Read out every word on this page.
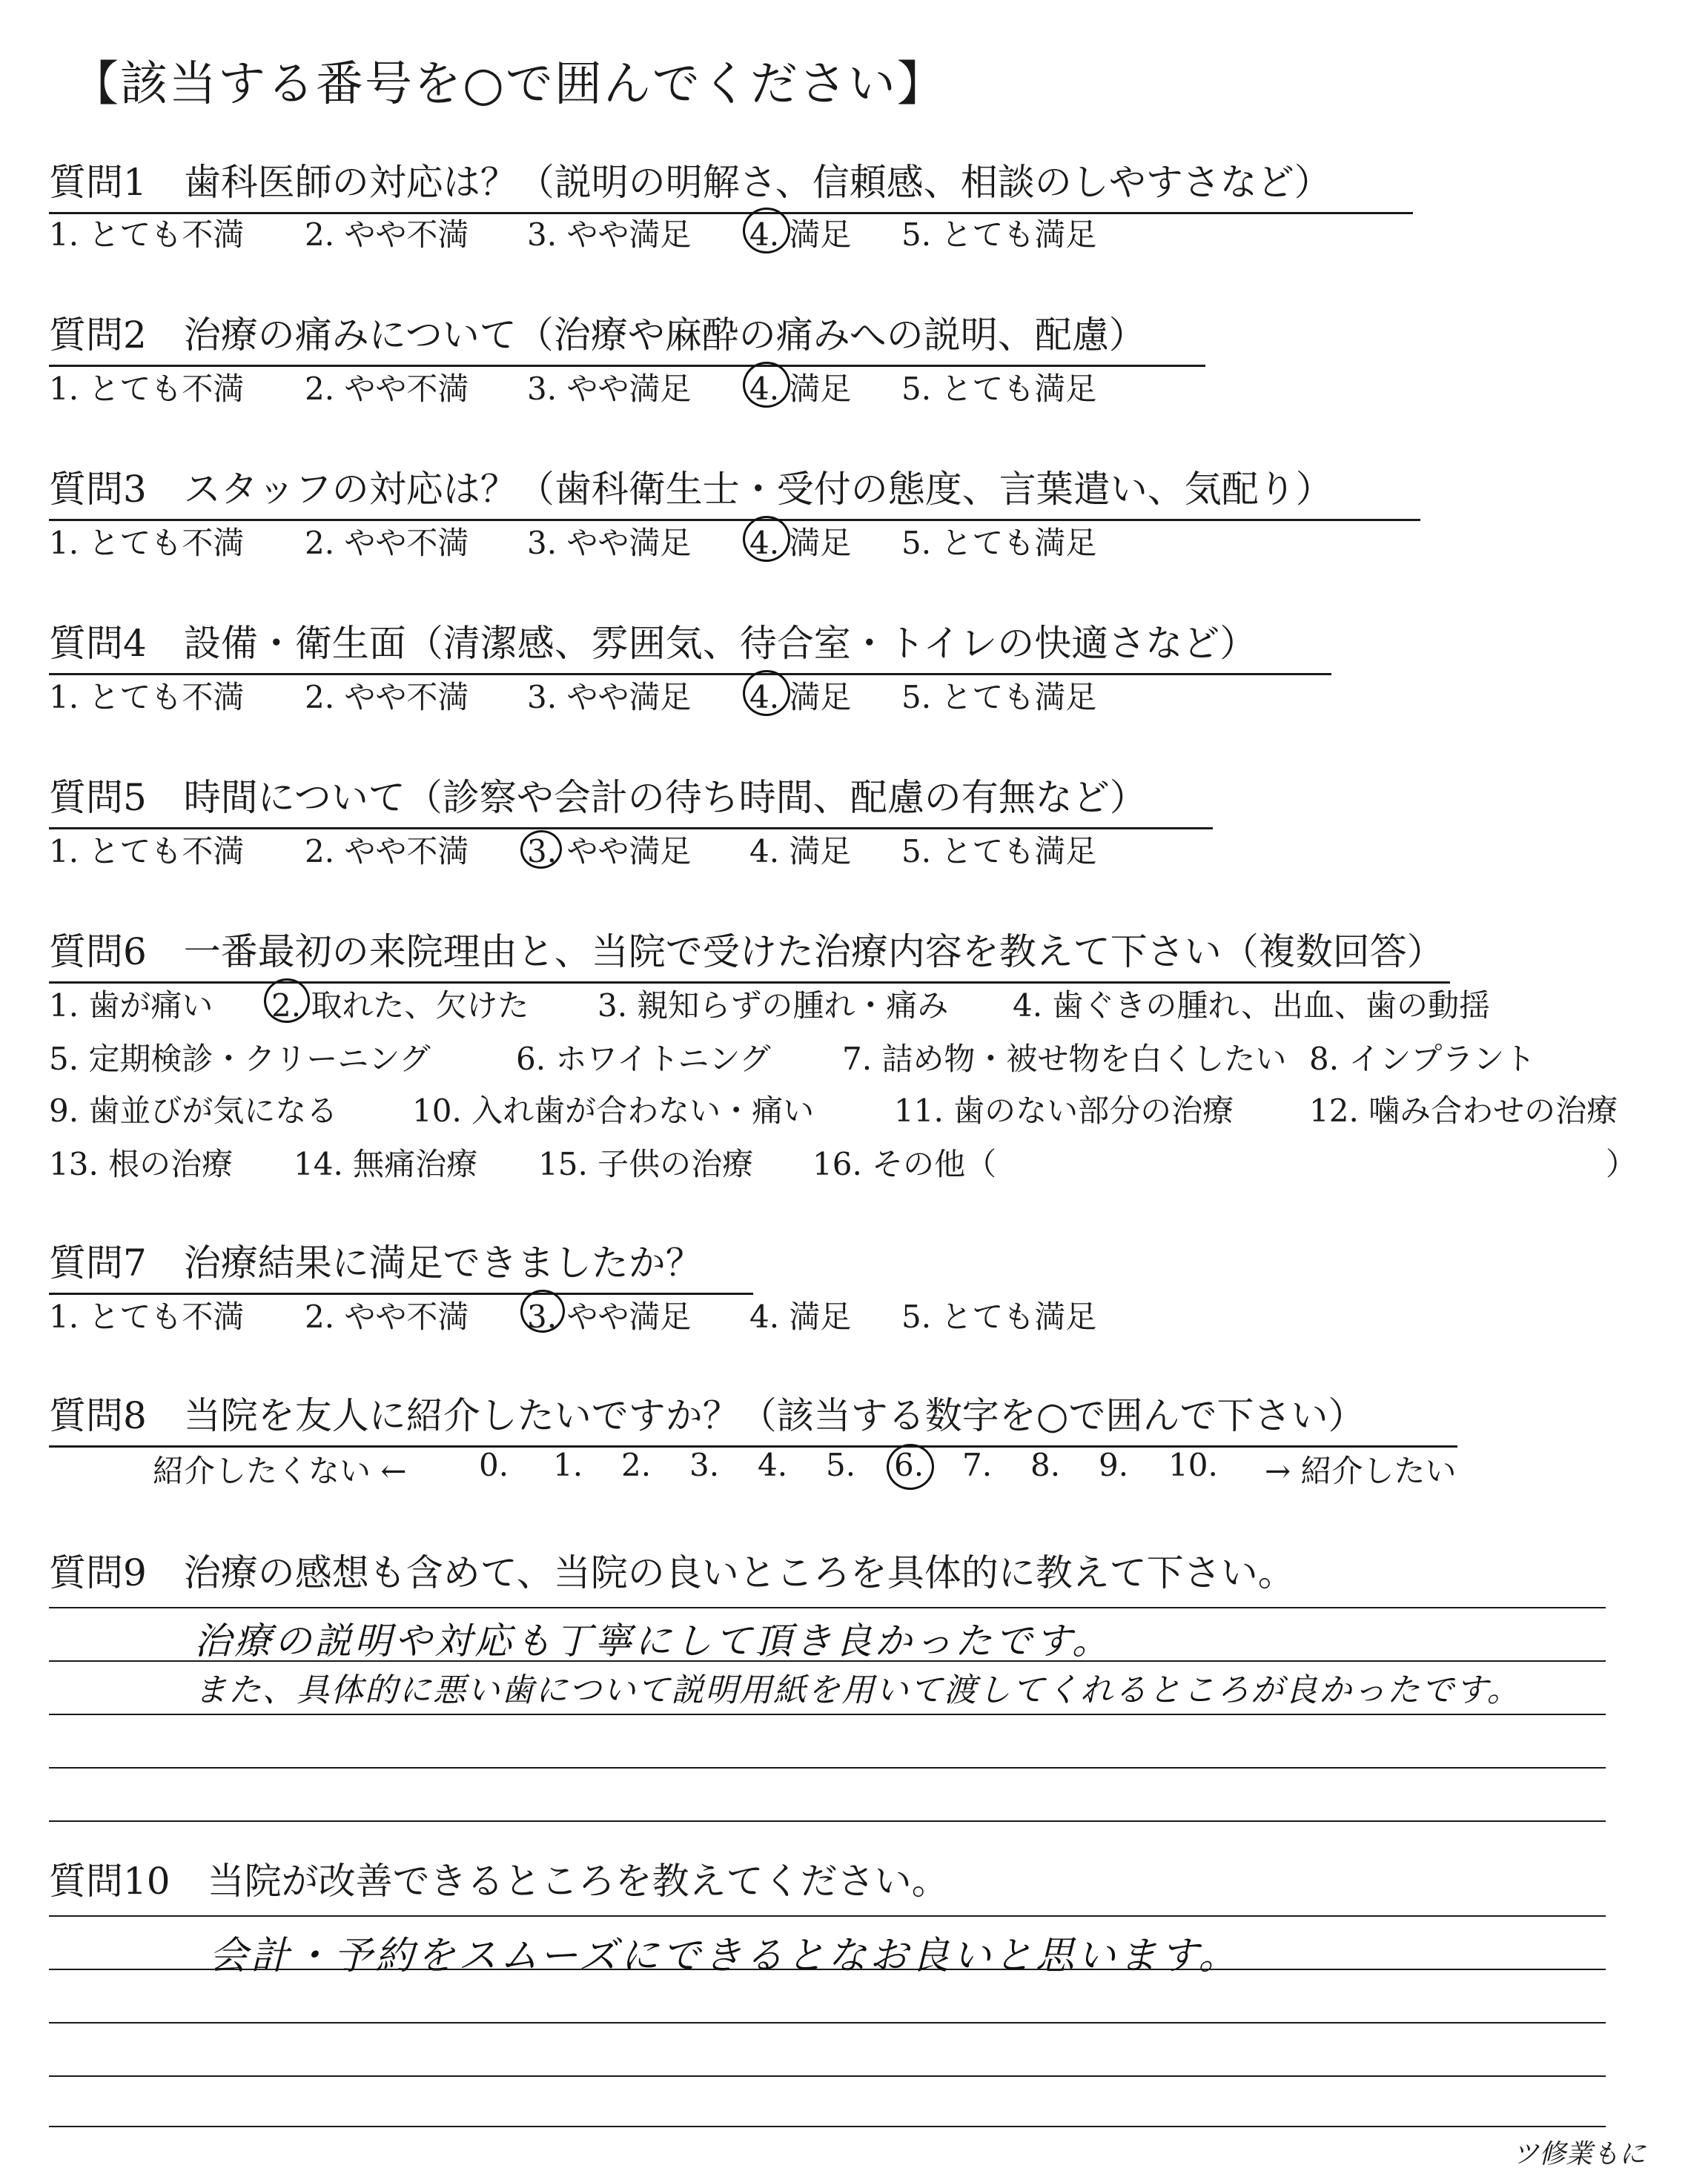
【該当する番号を○で囲んでください】
質問1　歯科医師の対応は？（説明の明解さ、信頼感、相談のしやすさなど）
1. とても不満 2. やや不満 3. やや満足 4. 満足 5. とても満足
質問2　治療の痛みについて（治療や麻酔の痛みへの説明、配慮）
1. とても不満 2. やや不満 3. やや満足 4. 満足 5. とても満足
質問3　スタッフの対応は？（歯科衛生士・受付の態度、言葉遣い、気配り）
1. とても不満 2. やや不満 3. やや満足 4. 満足 5. とても満足
質問4　設備・衛生面（清潔感、雰囲気、待合室・トイレの快適さなど）
1. とても不満 2. やや不満 3. やや満足 4. 満足 5. とても満足
質問5　時間について（診察や会計の待ち時間、配慮の有無など）
1. とても不満 2. やや不満 3. やや満足 4. 満足 5. とても満足
質問6　一番最初の来院理由と、当院で受けた治療内容を教えて下さい（複数回答）
1. 歯が痛い 2. 取れた、欠けた 3. 親知らずの腫れ・痛み 4. 歯ぐきの腫れ、出血、歯の動揺
5. 定期検診・クリーニング	6. ホワイトニング 7. 詰め物・被せ物を白くしたい 8. インプラント
9. 歯並びが気になる 10. 入れ歯が合わない・痛い	11. 歯のない部分の治療 12. 噛み合わせの治療
13. 根の治療 14. 無痛治療 15. 子供の治療 16. その他（	）
質問7　治療結果に満足できましたか？
1. とても不満 2. やや不満 3. やや満足 4. 満足 5. とても満足
質問8　当院を友人に紹介したいですか？（該当する数字を○で囲んで下さい）
紹介したくない ← 0. 1. 2. 3. 4. 5. 6. 7. 8. 9. 10. → 紹介したい
質問9　治療の感想も含めて、当院の良いところを具体的に教えて下さい。
治療の説明や対応も丁寧にして頂き良かったです。
また、具体的に悪い歯について説明用紙を用いて渡してくれるところが良かったです。
質問10　当院が改善できるところを教えてください。
会計・予約をスムーズにできるとなお良いと思います。
ツ修業もに
